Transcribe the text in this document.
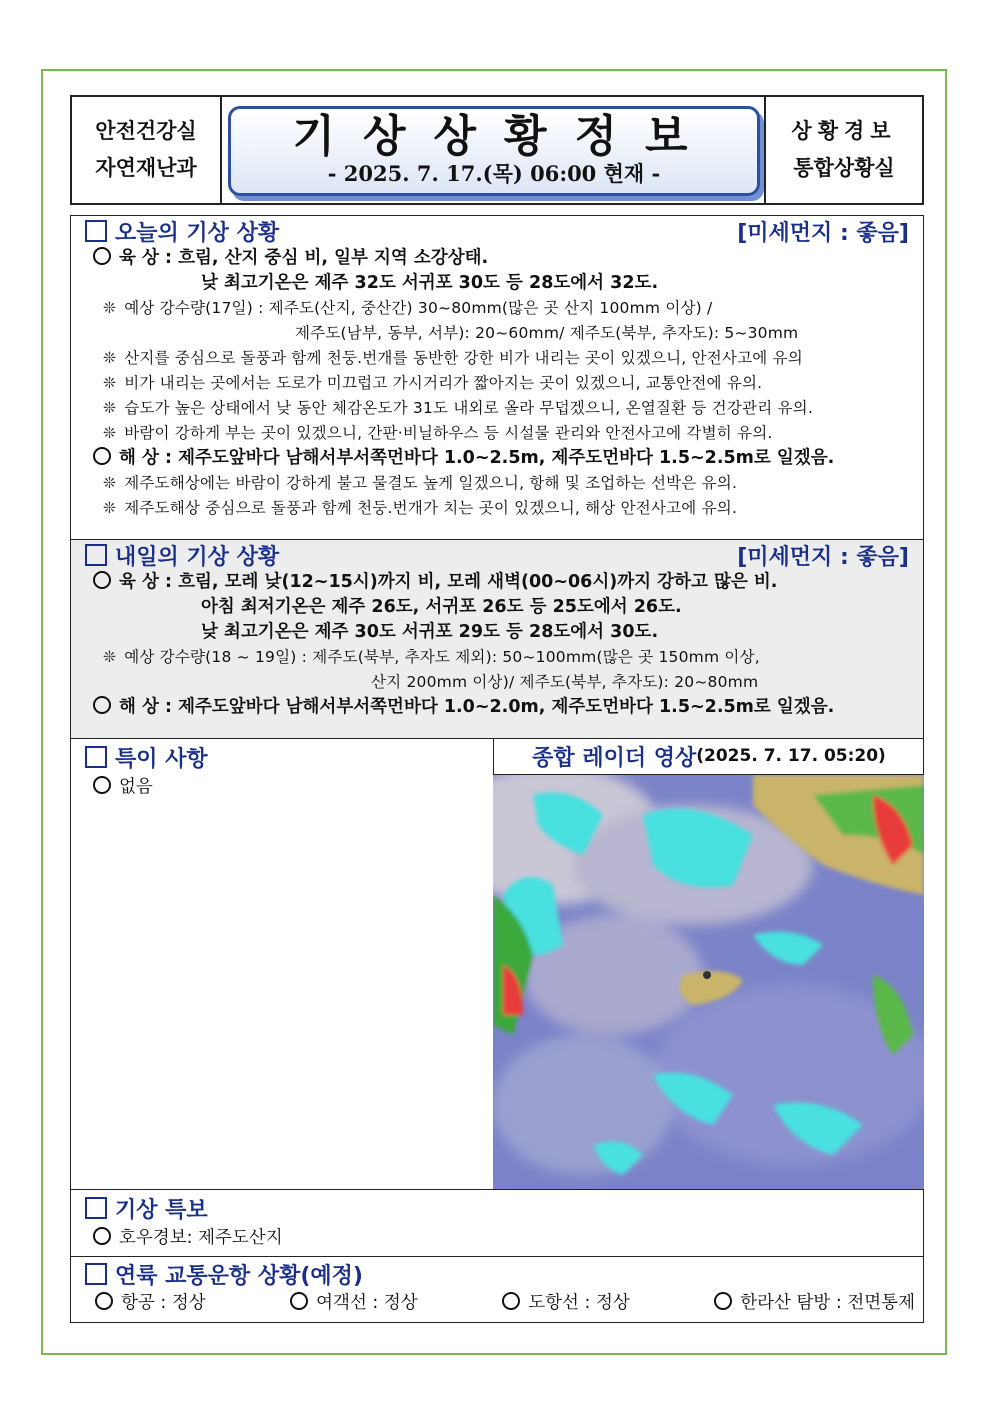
안전건강실
자연재난과
기상상황정보
- 2025. 7. 17.(목) 06:00 현재 -
상황경보
통합상황실
오늘의 기상 상황	[미세먼지 : 좋음]
육 상 : 흐림, 산지 중심 비, 일부 지역 소강상태.
낮 최고기온은 제주 32도 서귀포 30도 등 28도에서 32도.
❊ 예상 강수량(17일) : 제주도(산지, 중산간) 30~80mm(많은 곳 산지 100mm 이상) /
제주도(남부, 동부, 서부): 20~60mm/ 제주도(북부, 추자도): 5~30mm
❊ 산지를 중심으로 돌풍과 함께 천둥.번개를 동반한 강한 비가 내리는 곳이 있겠으니, 안전사고에 유의
❊ 비가 내리는 곳에서는 도로가 미끄럽고 가시거리가 짧아지는 곳이 있겠으니, 교통안전에 유의.
❊ 습도가 높은 상태에서 낮 동안 체감온도가 31도 내외로 올라 무덥겠으니, 온열질환 등 건강관리 유의.
❊ 바람이 강하게 부는 곳이 있겠으니, 간판·비닐하우스 등 시설물 관리와 안전사고에 각별히 유의.
해 상 : 제주도앞바다 남해서부서쪽먼바다 1.0~2.5m, 제주도먼바다 1.5~2.5m로 일겠음.
❊ 제주도해상에는 바람이 강하게 불고 물결도 높게 일겠으니, 항해 및 조업하는 선박은 유의.
❊ 제주도해상 중심으로 돌풍과 함께 천둥.번개가 치는 곳이 있겠으니, 해상 안전사고에 유의.
내일의 기상 상황	[미세먼지 : 좋음]
육 상 : 흐림, 모레 낮(12~15시)까지 비, 모레 새벽(00~06시)까지 강하고 많은 비.
아침 최저기온은 제주 26도, 서귀포 26도 등 25도에서 26도.
낮 최고기온은 제주 30도 서귀포 29도 등 28도에서 30도.
❊ 예상 강수량(18 ~ 19일) : 제주도(북부, 추자도 제외): 50~100mm(많은 곳 150mm 이상,
산지 200mm 이상)/ 제주도(북부, 추자도): 20~80mm
해 상 : 제주도앞바다 남해서부서쪽먼바다 1.0~2.0m, 제주도먼바다 1.5~2.5m로 일겠음.
특이 사항
없음
종합 레이더 영상 (2025. 7. 17. 05:20)
기상 특보
호우경보: 제주도산지
연륙 교통운항 상황(예정)
항공 : 정상	여객선 : 정상	도항선 : 정상	한라산 탐방 : 전면통제
